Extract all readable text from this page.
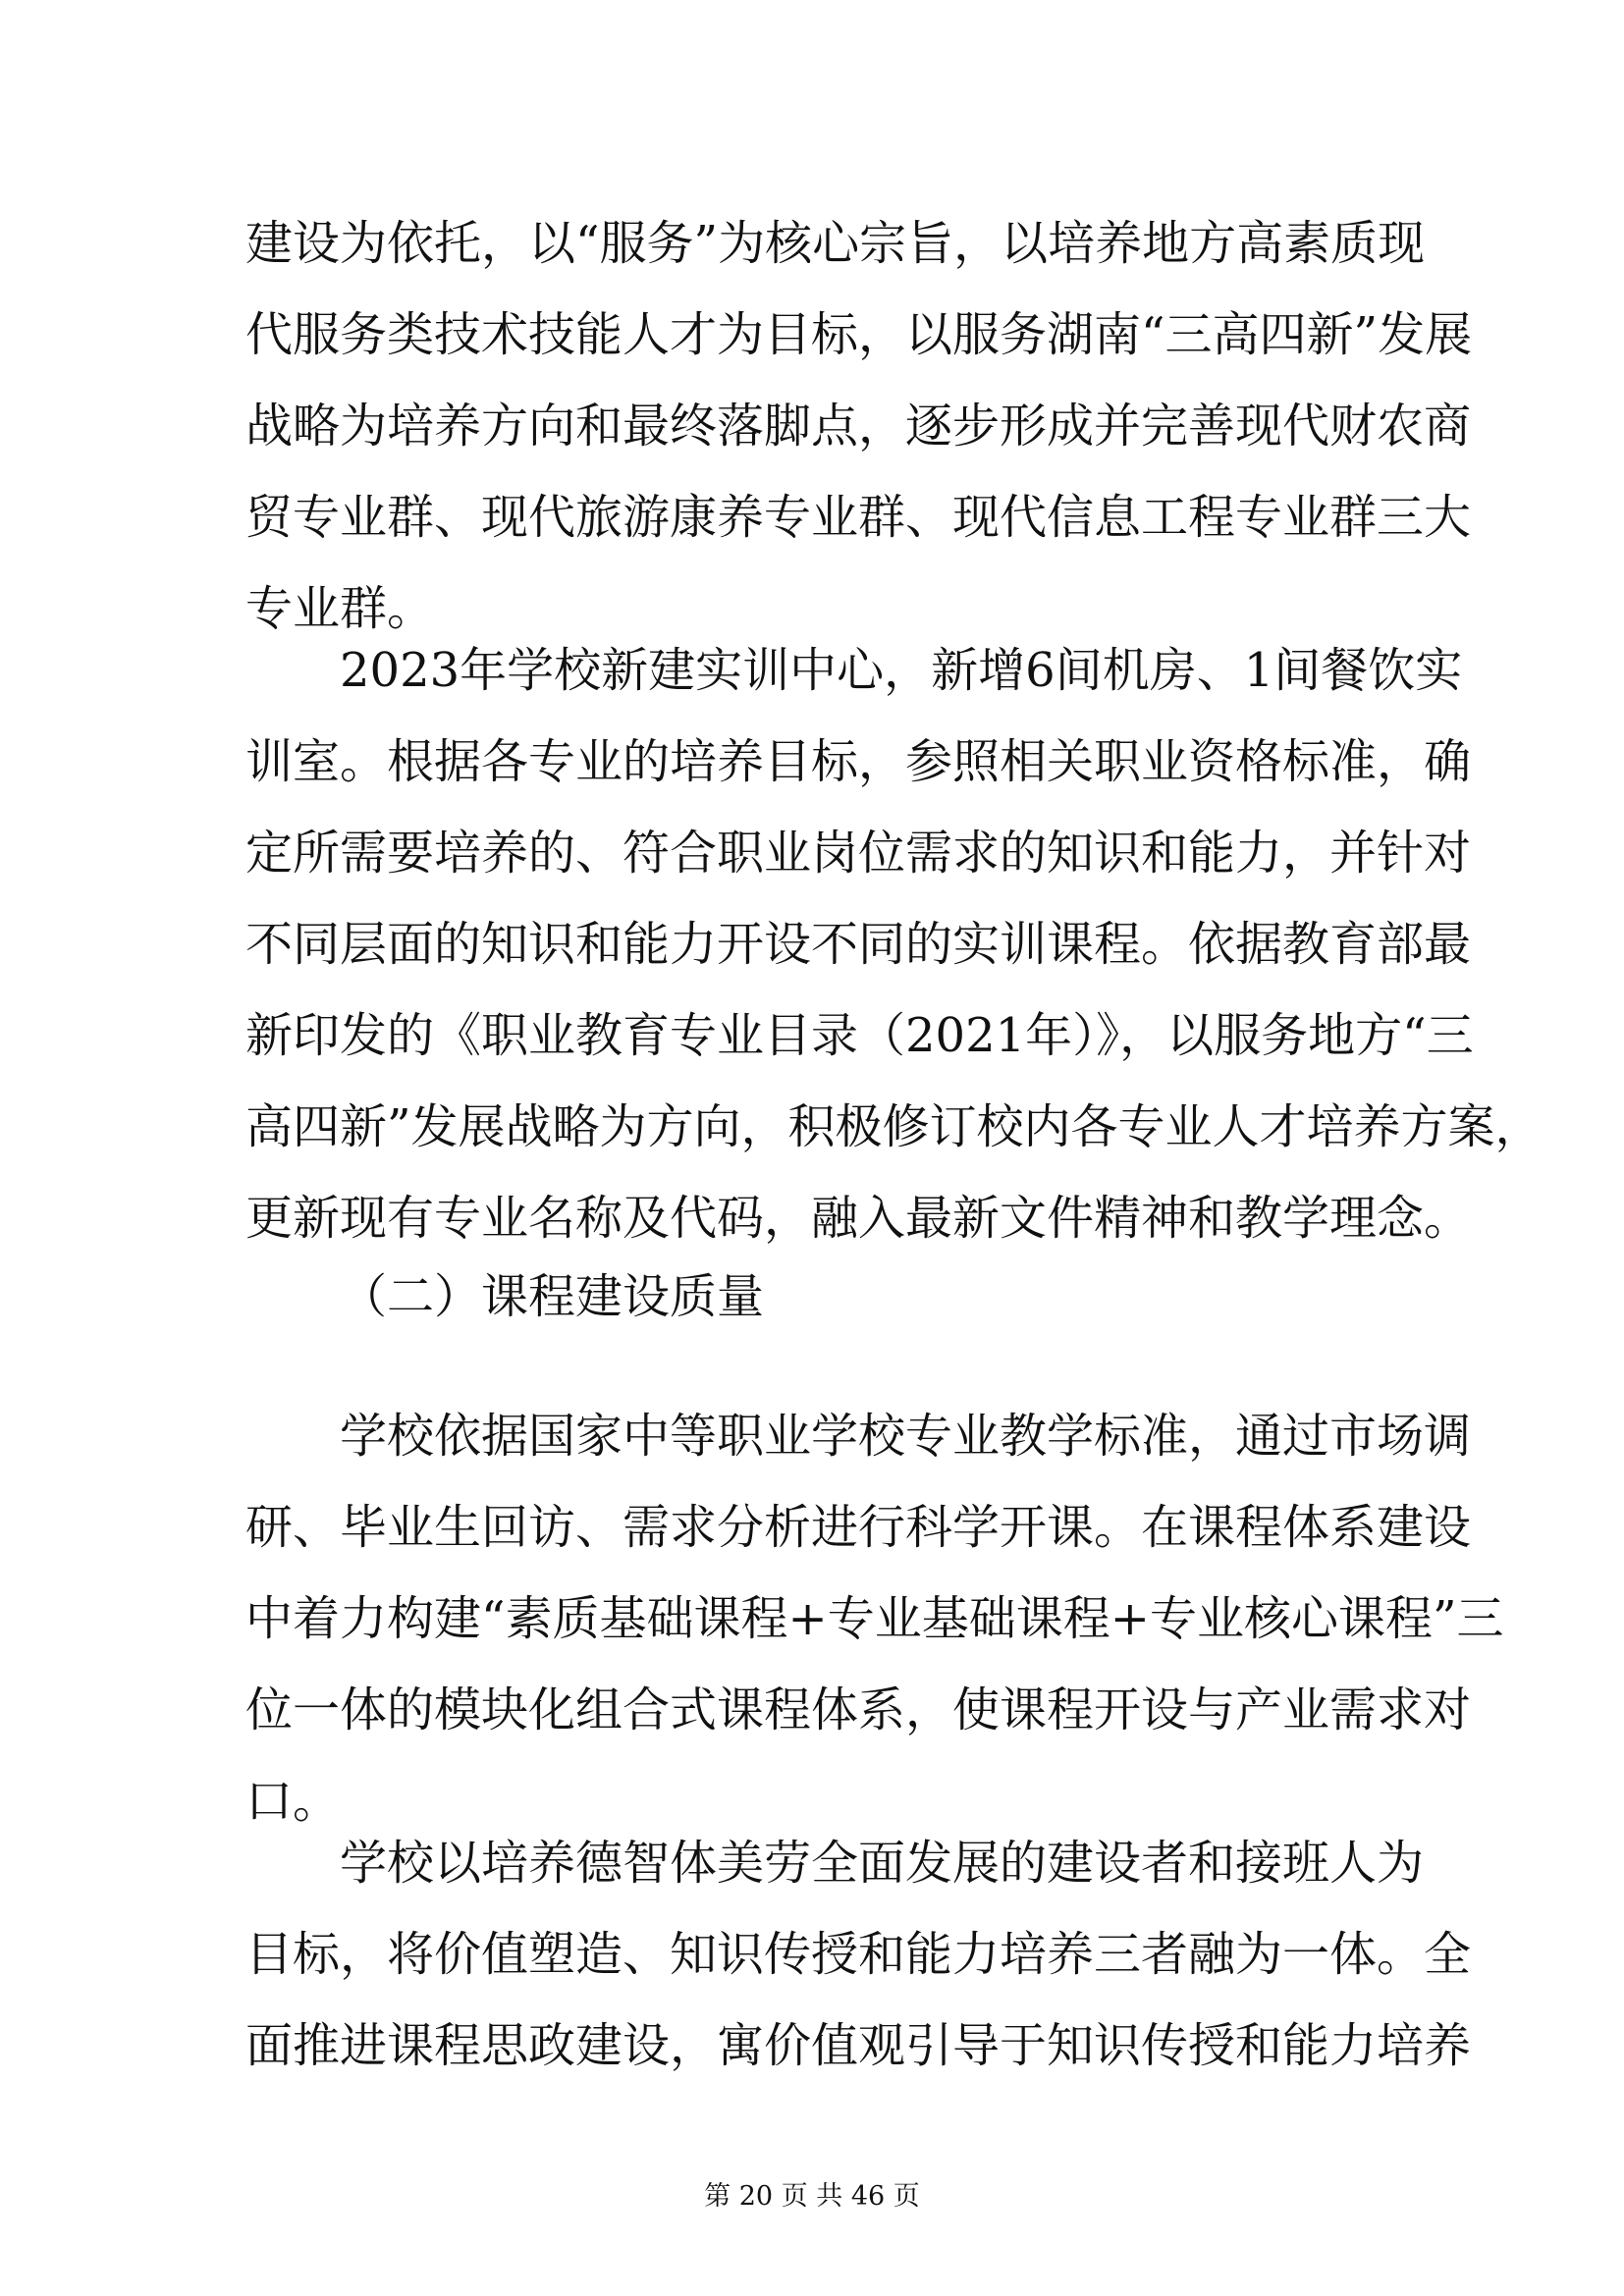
建设为依托，以“服务”为核心宗旨，以培养地方高素质现
代服务类技术技能人才为目标，以服务湖南“三高四新”发展
战略为培养方向和最终落脚点，逐步形成并完善现代财农商
贸专业群、现代旅游康养专业群、现代信息工程专业群三大
专业群。
2023年学校新建实训中心，新增6间机房、1间餐饮实
训室。根据各专业的培养目标，参照相关职业资格标准，确
定所需要培养的、符合职业岗位需求的知识和能力，并针对
不同层面的知识和能力开设不同的实训课程。依据教育部最
新印发的《职业教育专业目录（2021年）》，以服务地方“三
高四新”发展战略为方向，积极修订校内各专业人才培养方案，
更新现有专业名称及代码，融入最新文件精神和教学理念。
（二）课程建设质量
学校依据国家中等职业学校专业教学标准，通过市场调
研、毕业生回访、需求分析进行科学开课。在课程体系建设
中着力构建“素质基础课程+专业基础课程+专业核心课程”三
位一体的模块化组合式课程体系，使课程开设与产业需求对
口。
学校以培养德智体美劳全面发展的建设者和接班人为
目标，将价值塑造、知识传授和能力培养三者融为一体。全
面推进课程思政建设，寓价值观引导于知识传授和能力培养
第 20 页 共 46 页
